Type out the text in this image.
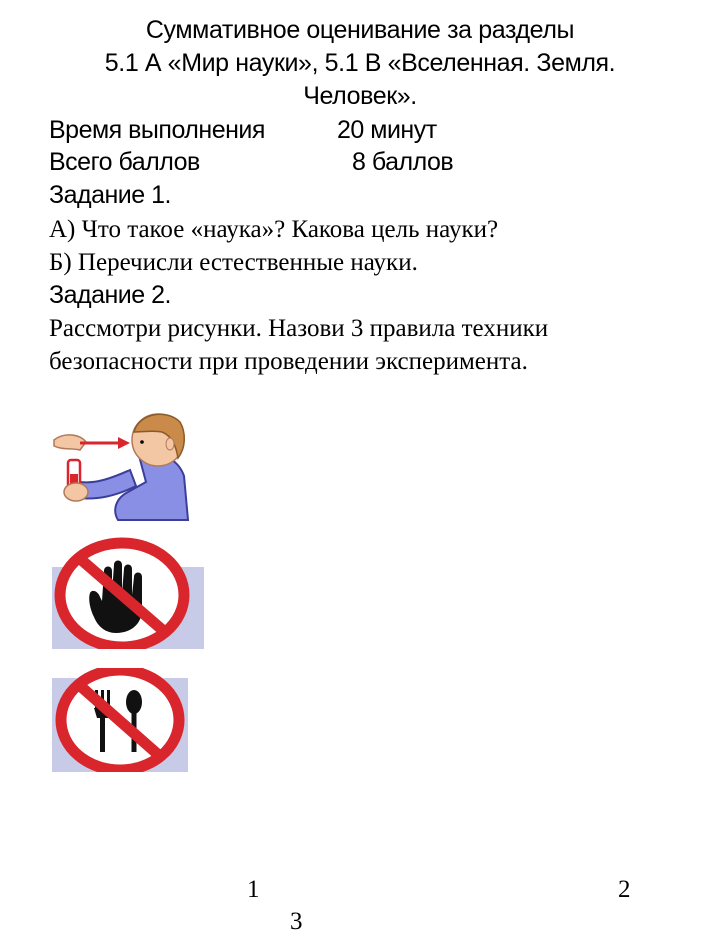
Суммативное оценивание за разделы
5.1 А «Мир науки», 5.1 В «Вселенная. Земля.
Человек».
Время выполнения	20 минут
Всего баллов	8 баллов
Задание 1.
А) Что такое «наука»? Какова цель науки?
Б) Перечисли естественные науки.
Задание 2.
Рассмотри рисунки. Назови 3 правила техники
безопасности при проведении эксперимента.
1	2
3
